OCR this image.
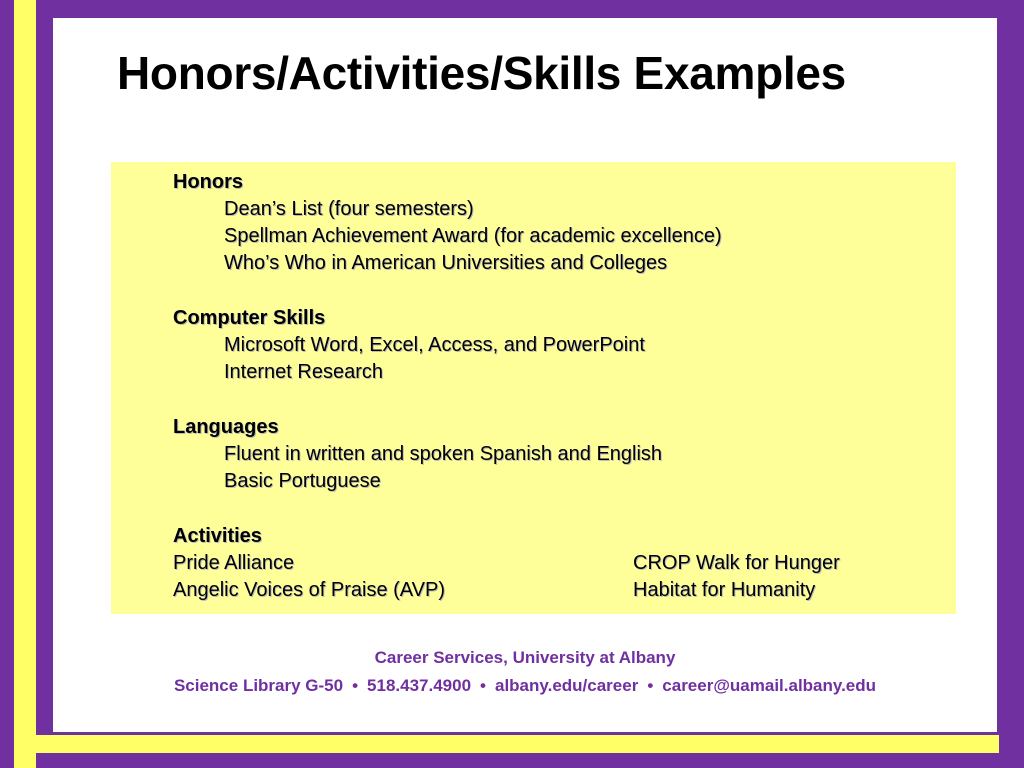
Honors/Activities/Skills Examples
Honors
Dean’s List (four semesters)
Spellman Achievement Award (for academic excellence)
Who’s Who in American Universities and Colleges
Computer Skills
Microsoft Word, Excel, Access, and PowerPoint
Internet Research
Languages
Fluent in written and spoken Spanish and English
Basic Portuguese
Activities
Pride Alliance	CROP Walk for Hunger
Angelic Voices of Praise (AVP)	Habitat for Humanity
Career Services, University at Albany
Science Library G-50 • 518.437.4900 • albany.edu/career • career@uamail.albany.edu
